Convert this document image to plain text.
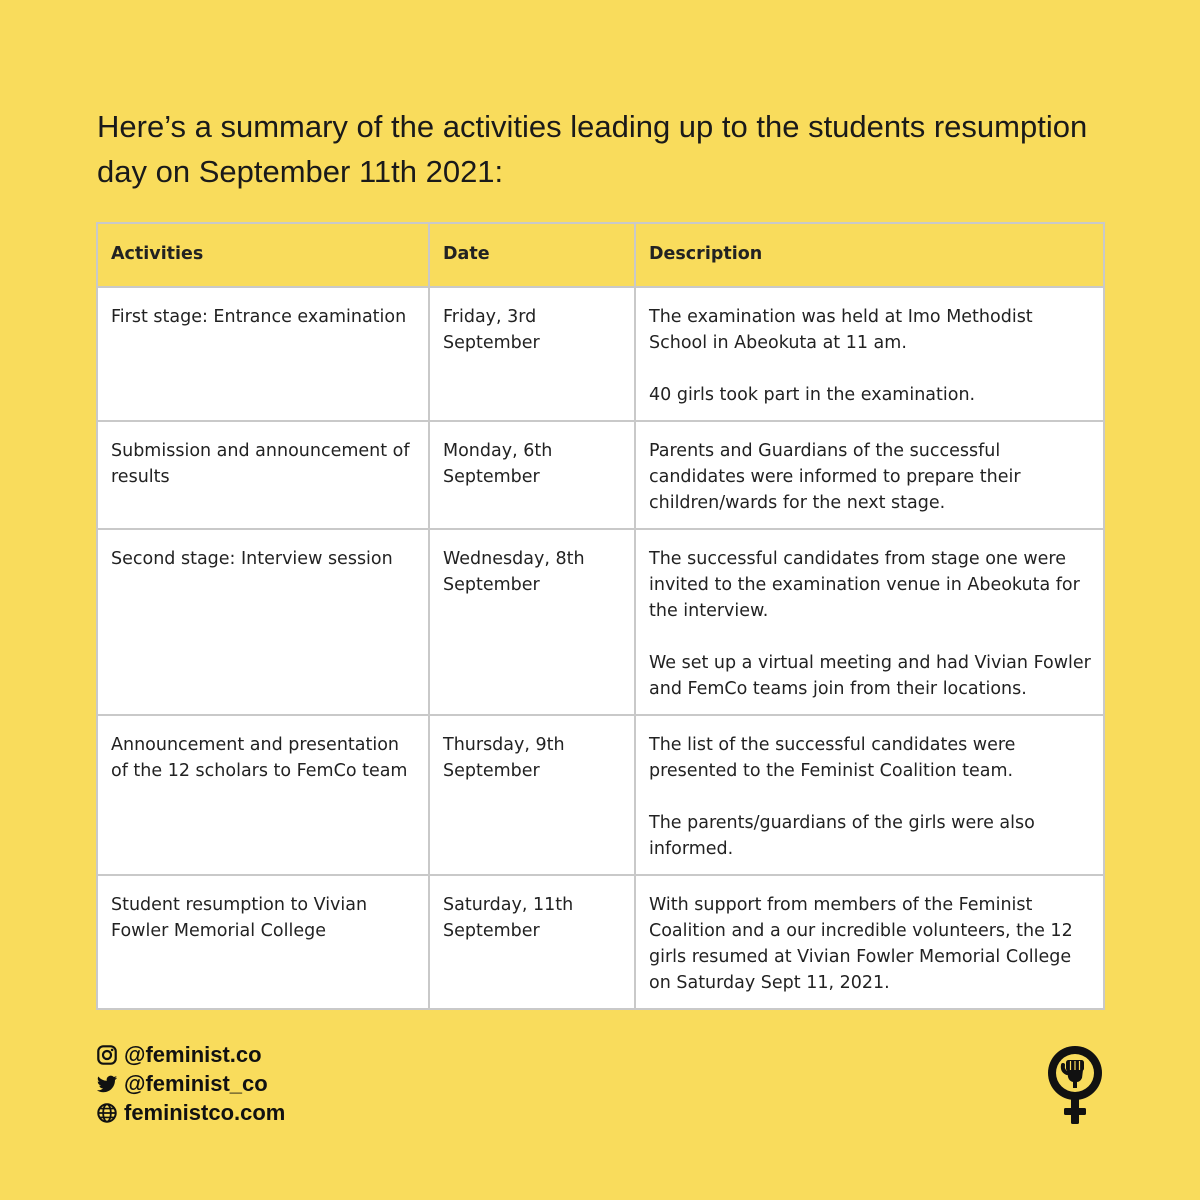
Here’s a summary of the activities leading up to the students resumption day on September 11th 2021:
Activities	Date	Description
First stage: Entrance examination	Friday, 3rd September	The examination was held at Imo Methodist School in Abeokuta at 11 am.

40 girls took part in the examination.

Submission and announcement of results	Monday, 6th September	Parents and Guardians of the successful candidates were informed to prepare their children/wards for the next stage.

Second stage: Interview session	Wednesday, 8th September	The successful candidates from stage one were invited to the examination venue in Abeokuta for the interview.

We set up a virtual meeting and had Vivian Fowler and FemCo teams join from their locations.

Announcement and presentation of the 12 scholars to FemCo team	Thursday, 9th September	The list of the successful candidates were presented to the Feminist Coalition team.

The parents/guardians of the girls were also informed.

Student resumption to Vivian Fowler Memorial College	Saturday, 11th September	With support from members of the Feminist Coalition and a our incredible volunteers, the 12 girls resumed at Vivian Fowler Memorial College on Saturday Sept 11, 2021.

@feminist.co
@feminist_co
feministco.com
